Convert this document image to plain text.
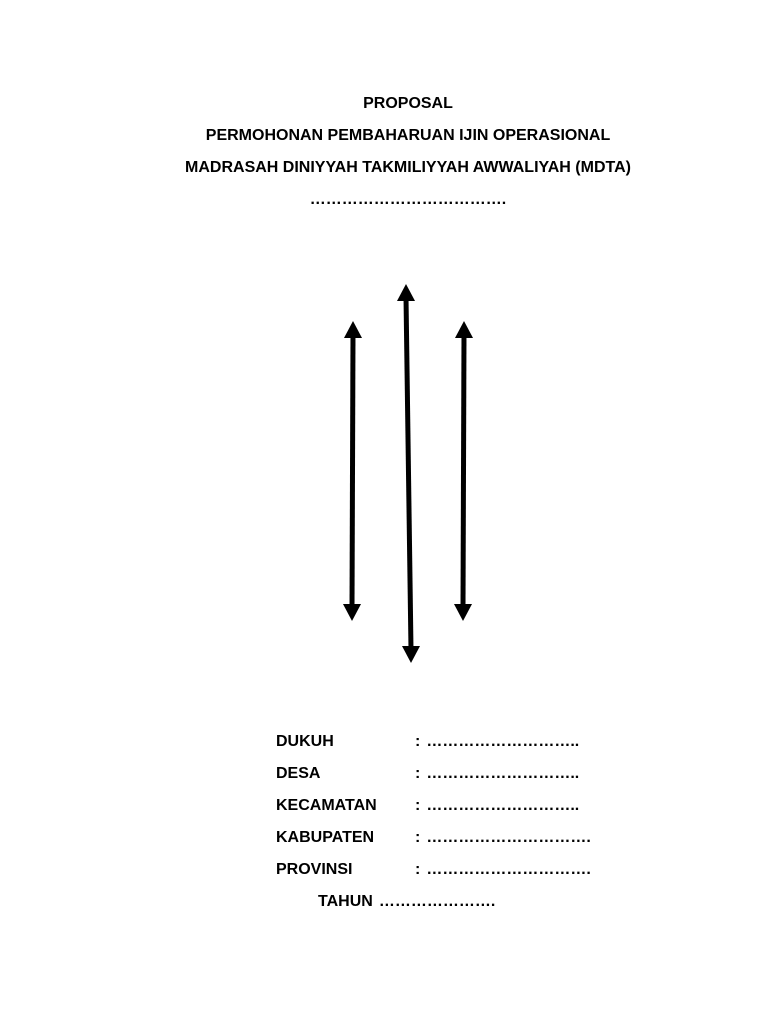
PROPOSAL
PERMOHONAN PEMBAHARUAN IJIN OPERASIONAL
MADRASAH DINIYYAH TAKMILIYYAH AWWALIYAH (MDTA)
……………………………….
DUKUH	: ………………………..
DESA	: ………………………..
KECAMATAN : ………………………..
KABUPATEN	: ………………………….
PROVINSI	: ………………………….
TAHUN ………………….
